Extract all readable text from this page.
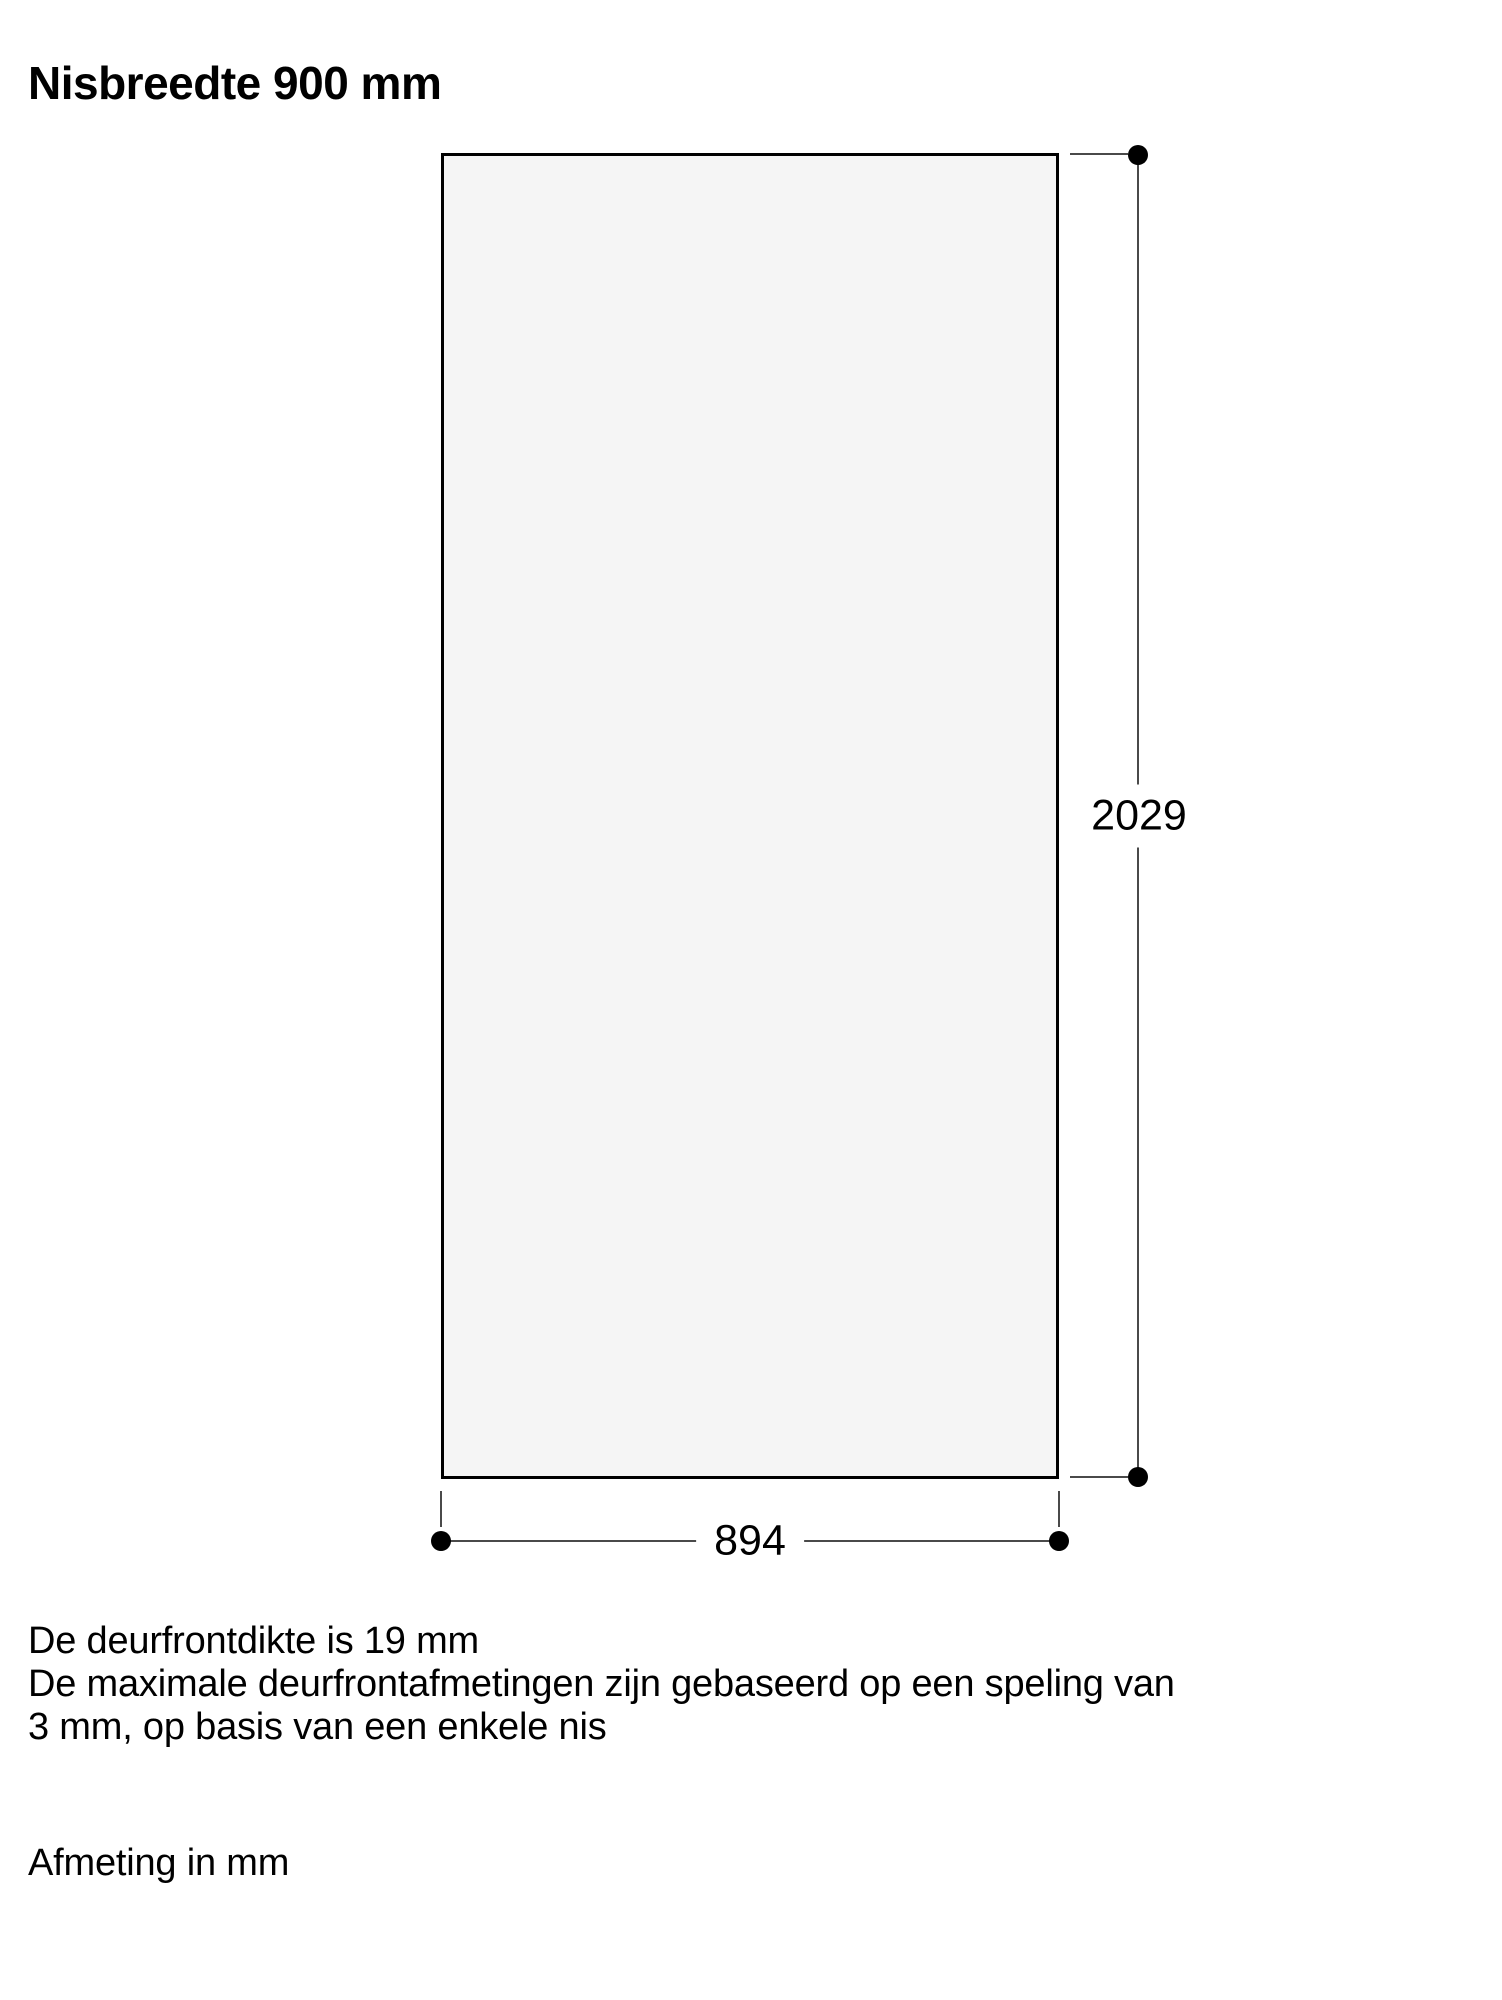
Nisbreedte 900 mm
2029
894
De deurfrontdikte is 19 mm
De maximale deurfrontafmetingen zijn gebaseerd op een speling van
3 mm, op basis van een enkele nis
Afmeting in mm
